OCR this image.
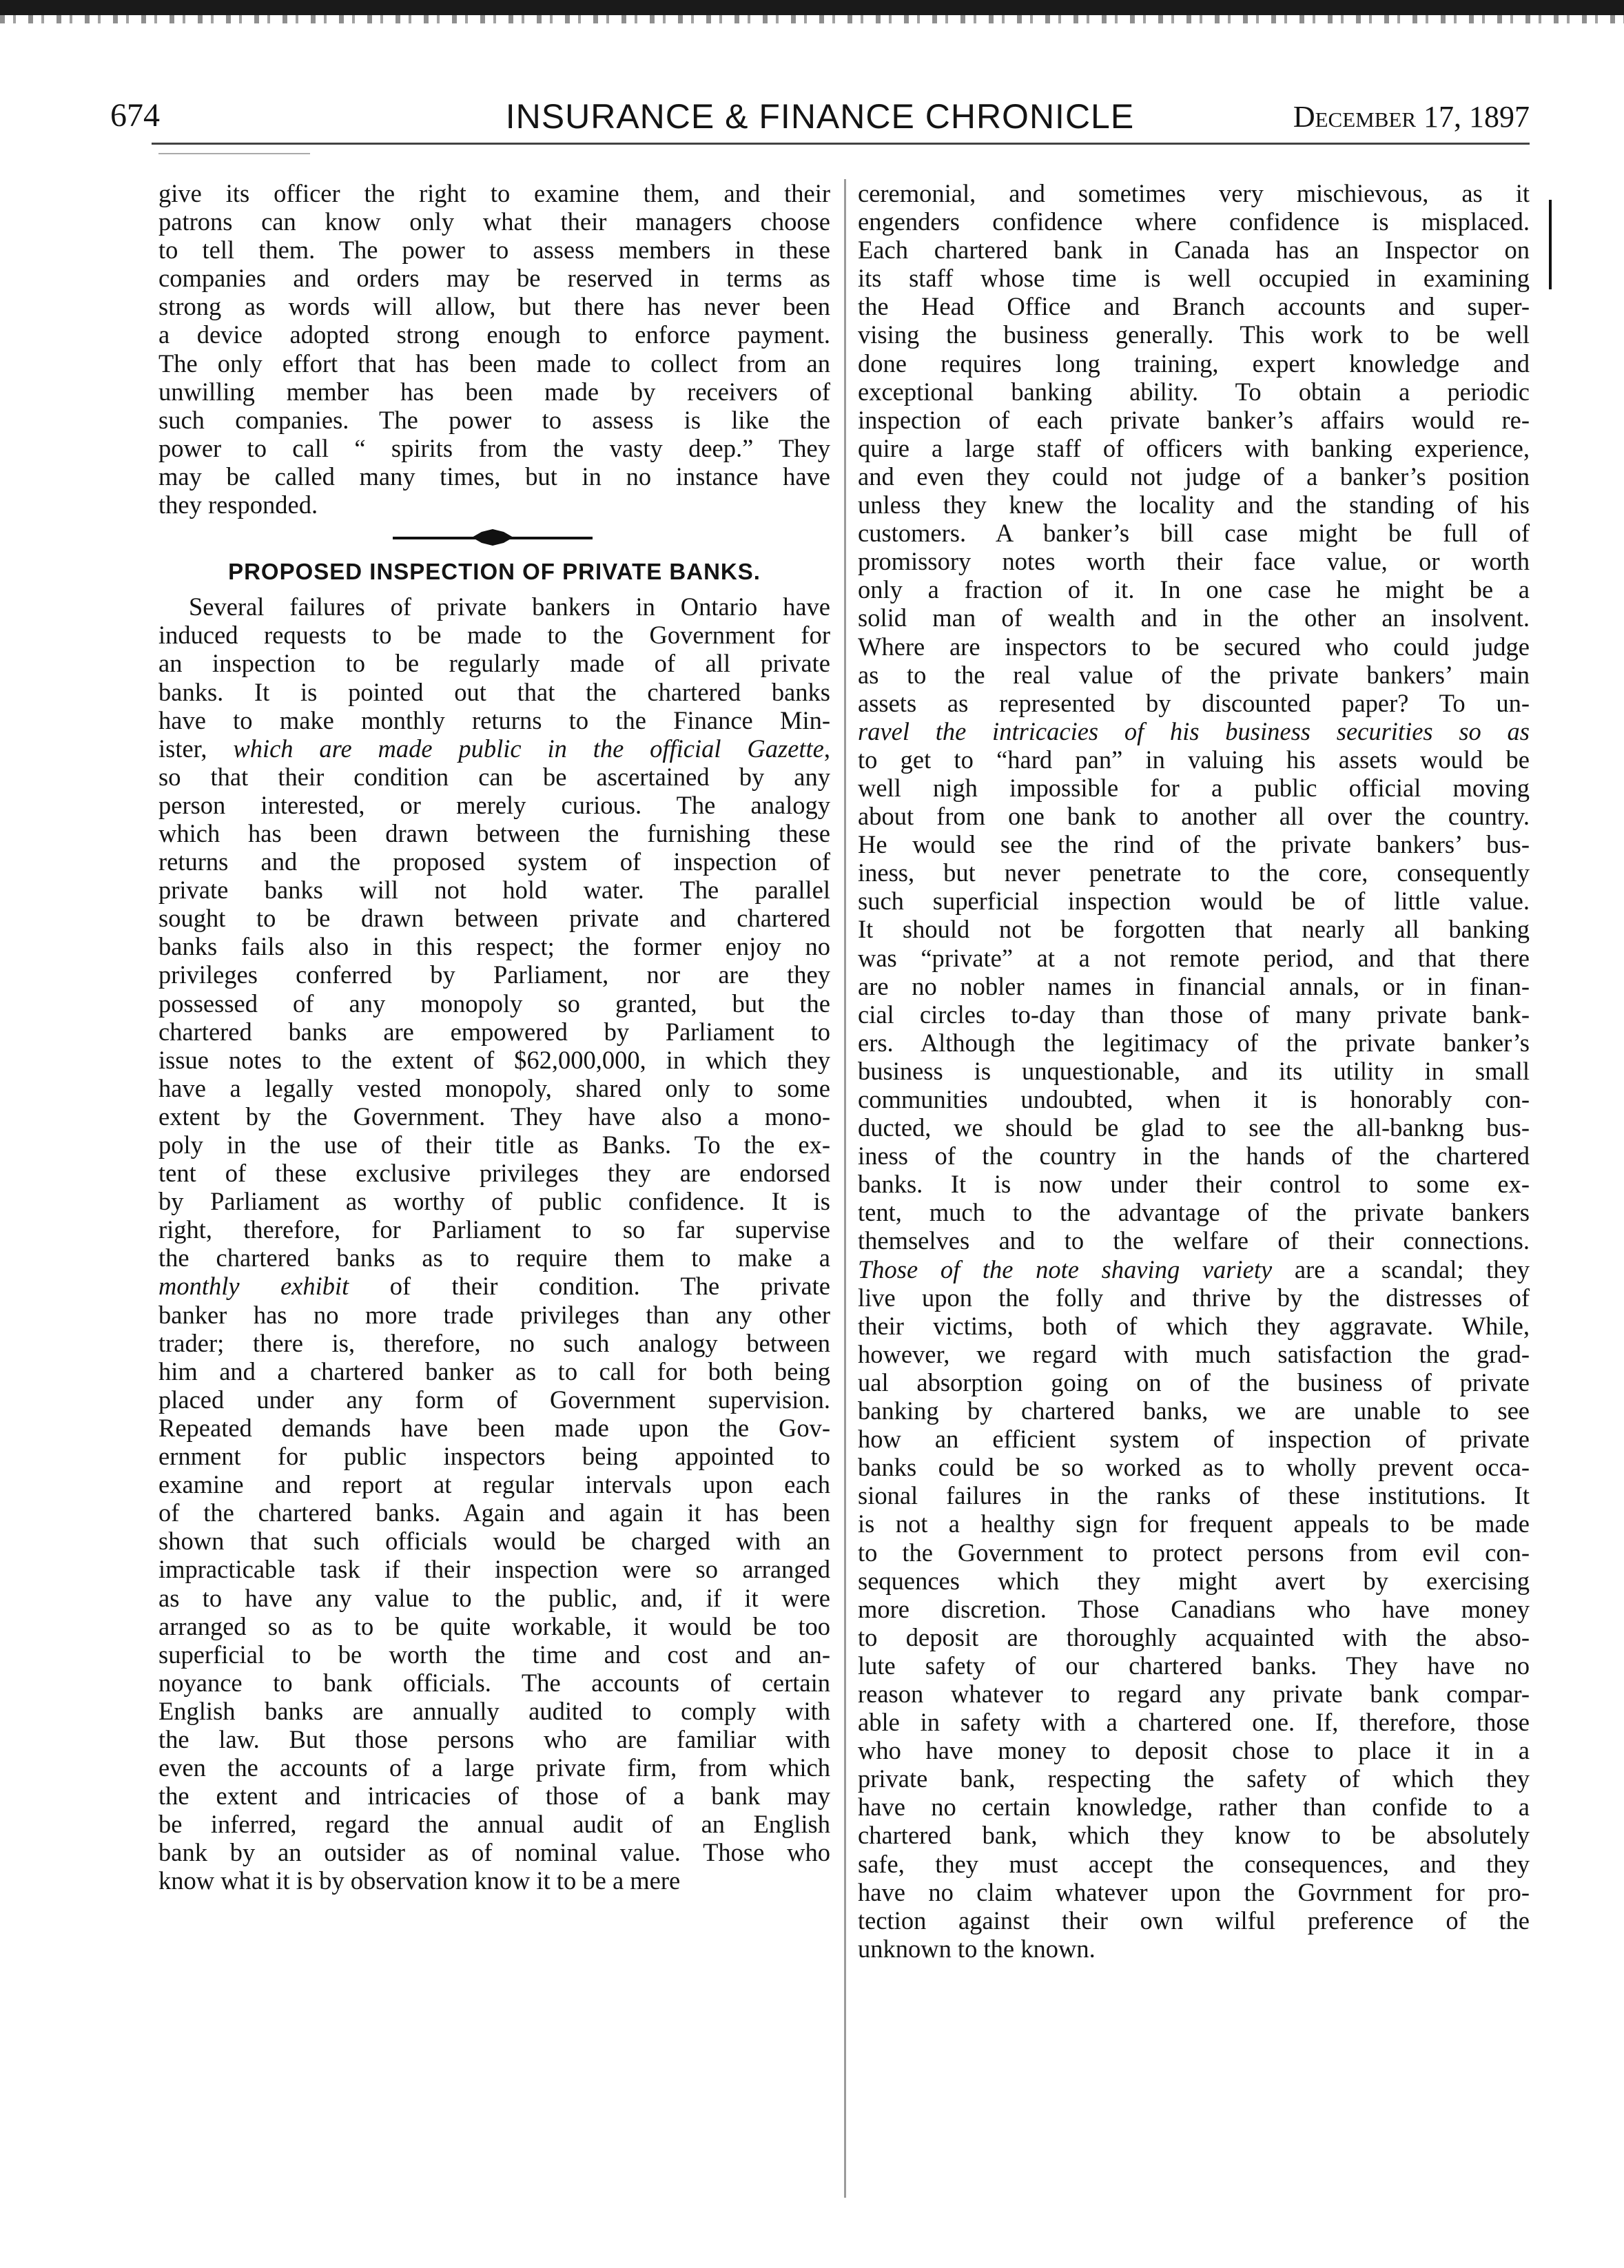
674	INSURANCE & FINANCE CHRONICLE	December 17, 1897
give its officer the right to examine them, and their
patrons can know only what their managers choose
to tell them. The power to assess members in these
companies and orders may be reserved in terms as
strong as words will allow, but there has never been
a device adopted strong enough to enforce payment.
The only effort that has been made to collect from an
unwilling member has been made by receivers of
such companies. The power to assess is like the
power to call “ spirits from the vasty deep.” They
may be called many times, but in no instance have
they responded.
PROPOSED INSPECTION OF PRIVATE BANKS.
Several failures of private bankers in Ontario have
induced requests to be made to the Government for
an inspection to be regularly made of all private
banks. It is pointed out that the chartered banks
have to make monthly returns to the Finance Min-
ister, which are made public in the official Gazette,
so that their condition can be ascertained by any
person interested, or merely curious. The analogy
which has been drawn between the furnishing these
returns and the proposed system of inspection of
private banks will not hold water. The parallel
sought to be drawn between private and chartered
banks fails also in this respect; the former enjoy no
privileges conferred by Parliament, nor are they
possessed of any monopoly so granted, but the
chartered banks are empowered by Parliament to
issue notes to the extent of $62,000,000, in which they
have a legally vested monopoly, shared only to some
extent by the Government. They have also a mono-
poly in the use of their title as Banks. To the ex-
tent of these exclusive privileges they are endorsed
by Parliament as worthy of public confidence. It is
right, therefore, for Parliament to so far supervise
the chartered banks as to require them to make a
monthly exhibit of their condition. The private
banker has no more trade privileges than any other
trader; there is, therefore, no such analogy between
him and a chartered banker as to call for both being
placed under any form of Government supervision.
Repeated demands have been made upon the Gov-
ernment for public inspectors being appointed to
examine and report at regular intervals upon each
of the chartered banks. Again and again it has been
shown that such officials would be charged with an
impracticable task if their inspection were so arranged
as to have any value to the public, and, if it were
arranged so as to be quite workable, it would be too
superficial to be worth the time and cost and an-
noyance to bank officials. The accounts of certain
English banks are annually audited to comply with
the law. But those persons who are familiar with
even the accounts of a large private firm, from which
the extent and intricacies of those of a bank may
be inferred, regard the annual audit of an English
bank by an outsider as of nominal value. Those who
know what it is by observation know it to be a mere
ceremonial, and sometimes very mischievous, as it
engenders confidence where confidence is misplaced.
Each chartered bank in Canada has an Inspector on
its staff whose time is well occupied in examining
the Head Office and Branch accounts and super-
vising the business generally. This work to be well
done requires long training, expert knowledge and
exceptional banking ability. To obtain a periodic
inspection of each private banker’s affairs would re-
quire a large staff of officers with banking experience,
and even they could not judge of a banker’s position
unless they knew the locality and the standing of his
customers. A banker’s bill case might be full of
promissory notes worth their face value, or worth
only a fraction of it. In one case he might be a
solid man of wealth and in the other an insolvent.
Where are inspectors to be secured who could judge
as to the real value of the private bankers’ main
assets as represented by discounted paper? To un-
ravel the intricacies of his business securities so as
to get to “hard pan” in valuing his assets would be
well nigh impossible for a public official moving
about from one bank to another all over the country.
He would see the rind of the private bankers’ bus-
iness, but never penetrate to the core, consequently
such superficial inspection would be of little value.
It should not be forgotten that nearly all banking
was “private” at a not remote period, and that there
are no nobler names in financial annals, or in finan-
cial circles to-day than those of many private bank-
ers. Although the legitimacy of the private banker’s
business is unquestionable, and its utility in small
communities undoubted, when it is honorably con-
ducted, we should be glad to see the all-bankng bus-
iness of the country in the hands of the chartered
banks. It is now under their control to some ex-
tent, much to the advantage of the private bankers
themselves and to the welfare of their connections.
Those of the note shaving variety are a scandal; they
live upon the folly and thrive by the distresses of
their victims, both of which they aggravate. While,
however, we regard with much satisfaction the grad-
ual absorption going on of the business of private
banking by chartered banks, we are unable to see
how an efficient system of inspection of private
banks could be so worked as to wholly prevent occa-
sional failures in the ranks of these institutions. It
is not a healthy sign for frequent appeals to be made
to the Government to protect persons from evil con-
sequences which they might avert by exercising
more discretion. Those Canadians who have money
to deposit are thoroughly acquainted with the abso-
lute safety of our chartered banks. They have no
reason whatever to regard any private bank compar-
able in safety with a chartered one. If, therefore, those
who have money to deposit chose to place it in a
private bank, respecting the safety of which they
have no certain knowledge, rather than confide to a
chartered bank, which they know to be absolutely
safe, they must accept the consequences, and they
have no claim whatever upon the Govrnment for pro-
tection against their own wilful preference of the
unknown to the known.
